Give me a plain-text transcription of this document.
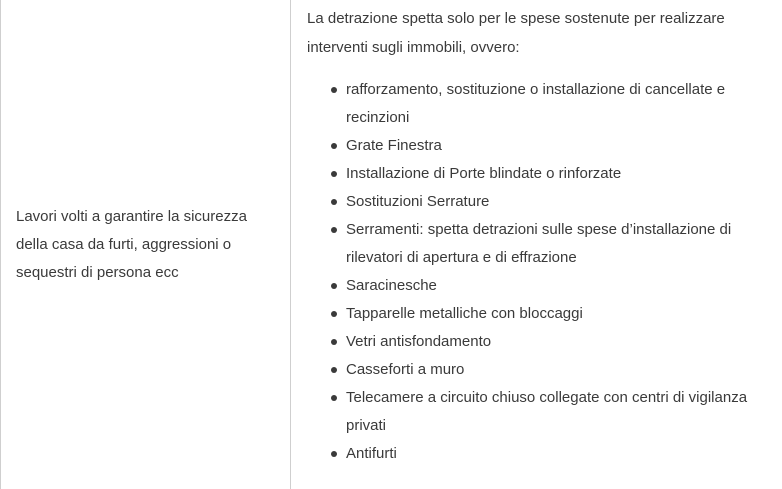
Lavori volti a garantire la sicurezza della casa da furti, aggressioni o sequestri di persona ecc

La detrazione spetta solo per le spese sostenute per realizzare interventi sugli immobili, ovvero:

rafforzamento, sostituzione o installazione di cancellate e recinzioni
Grate Finestra
Installazione di Porte blindate o rinforzate
Sostituzioni Serrature
Serramenti: spetta detrazioni sulle spese d’installazione di rilevatori di apertura e di effrazione
Saracinesche
Tapparelle metalliche con bloccaggi
Vetri antisfondamento
Casseforti a muro
Telecamere a circuito chiuso collegate con centri di vigilanza privati
Antifurti
